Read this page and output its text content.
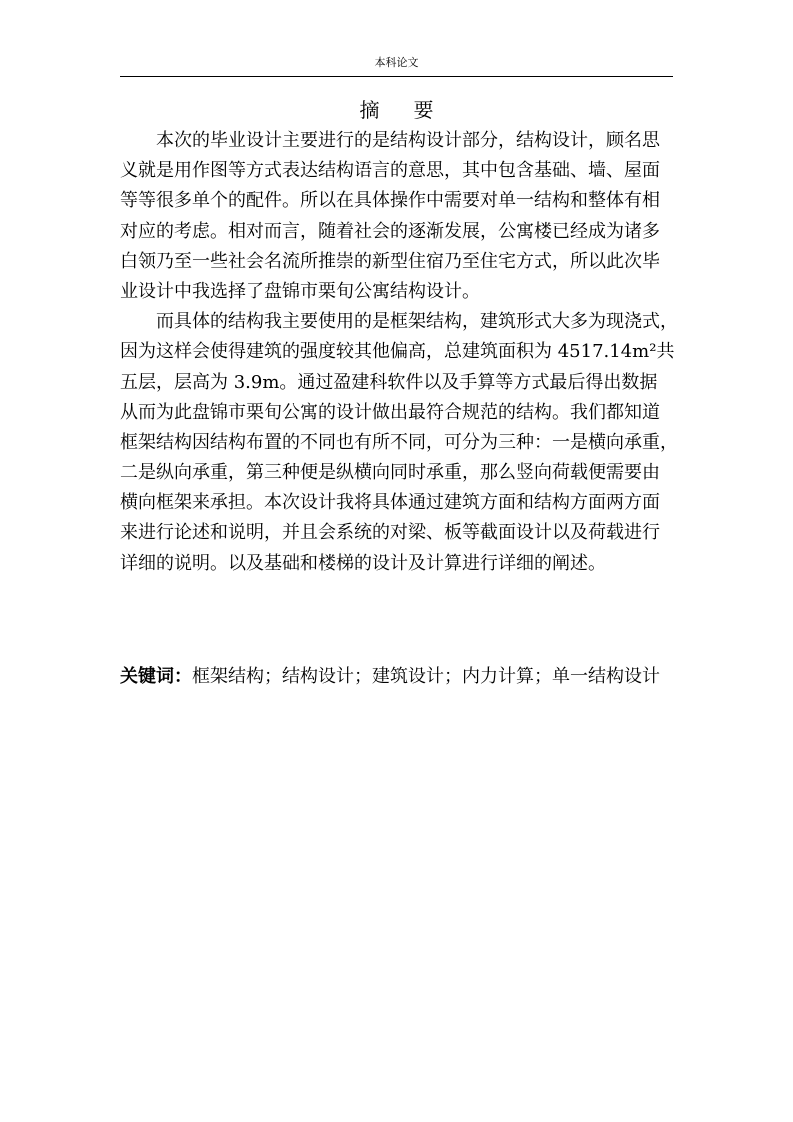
本科论文
摘 要
本次的毕业设计主要进行的是结构设计部分，结构设计，顾名思
义就是用作图等方式表达结构语言的意思，其中包含基础、墙、屋面
等等很多单个的配件。所以在具体操作中需要对单一结构和整体有相
对应的考虑。相对而言，随着社会的逐渐发展，公寓楼已经成为诸多
白领乃至一些社会名流所推崇的新型住宿乃至住宅方式，所以此次毕
业设计中我选择了盘锦市栗旬公寓结构设计。
而具体的结构我主要使用的是框架结构，建筑形式大多为现浇式，
因为这样会使得建筑的强度较其他偏高，总建筑面积为 4517.14m²共
五层，层高为 3.9m。通过盈建科软件以及手算等方式最后得出数据
从而为此盘锦市栗旬公寓的设计做出最符合规范的结构。我们都知道
框架结构因结构布置的不同也有所不同，可分为三种：一是横向承重，
二是纵向承重，第三种便是纵横向同时承重，那么竖向荷载便需要由
横向框架来承担。本次设计我将具体通过建筑方面和结构方面两方面
来进行论述和说明，并且会系统的对梁、板等截面设计以及荷载进行
详细的说明。以及基础和楼梯的设计及计算进行详细的阐述。
关键词：框架结构；结构设计；建筑设计；内力计算；单一结构设计
